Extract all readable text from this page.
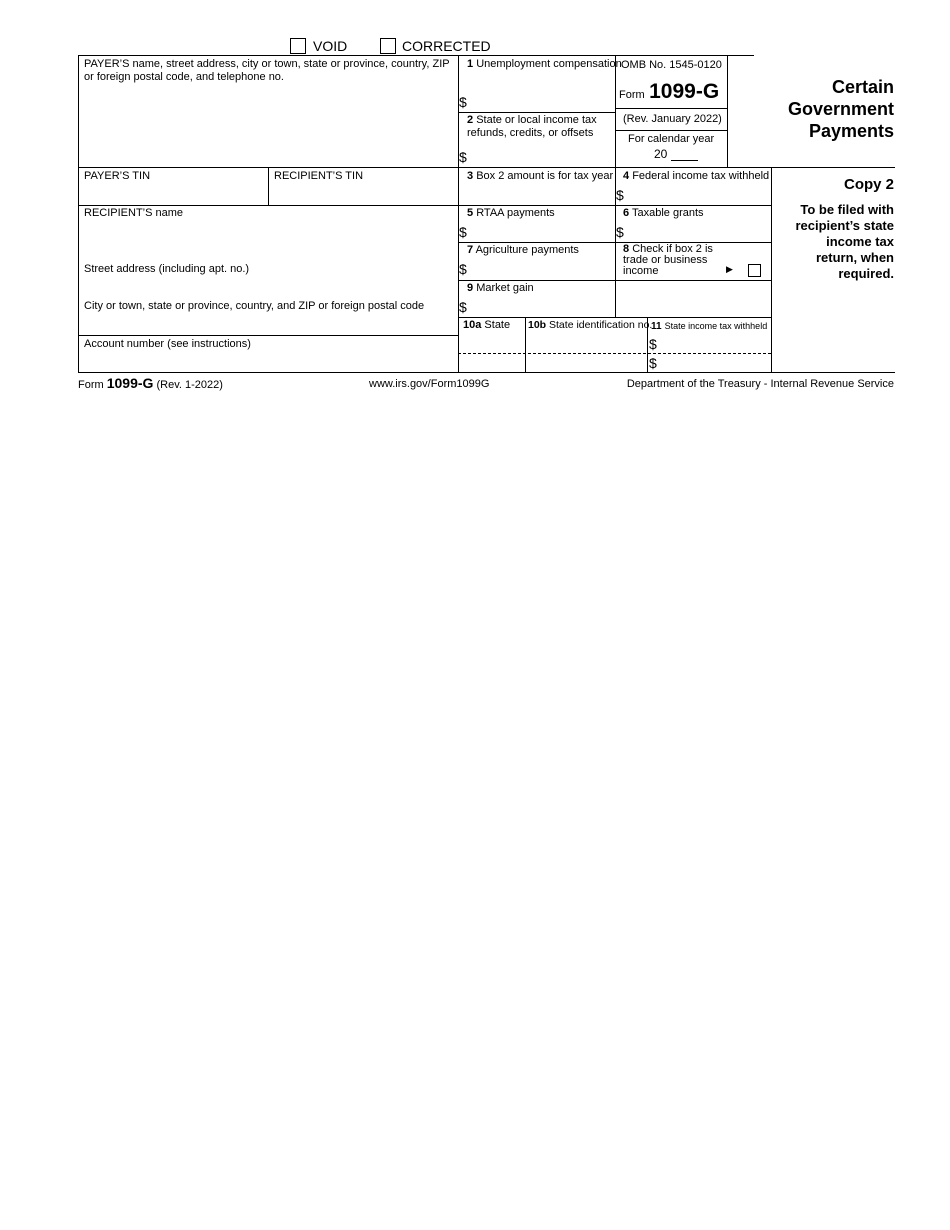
VOID	CORRECTED
PAYER’S name, street address, city or town, state or province, country, ZIP or foreign postal code, and telephone no.
PAYER’S TIN	RECIPIENT’S TIN
RECIPIENT’S name
Street address (including apt. no.)
City or town, state or province, country, and ZIP or foreign postal code
Account number (see instructions)
1 Unemployment compensation
$
2 State or local income tax refunds, credits, or offsets
$
OMB No. 1545-0120
Form 1099-G
(Rev. January 2022)
For calendar year
20
Certain
Government
Payments
3 Box 2 amount is for tax year 4 Federal income tax withheld
$
Copy 2
To be filed with
recipient’s state
income tax
return, when
required.
5 RTAA payments
$
6 Taxable grants
$
7 Agriculture payments
$
8 Check if box 2 is trade or business income	▶
9 Market gain
$
10a State 10b State identification no.
11 State income tax withheld
$
$
Form 1099-G (Rev. 1-2022)	www.irs.gov/Form1099G	Department of the Treasury - Internal Revenue Service
